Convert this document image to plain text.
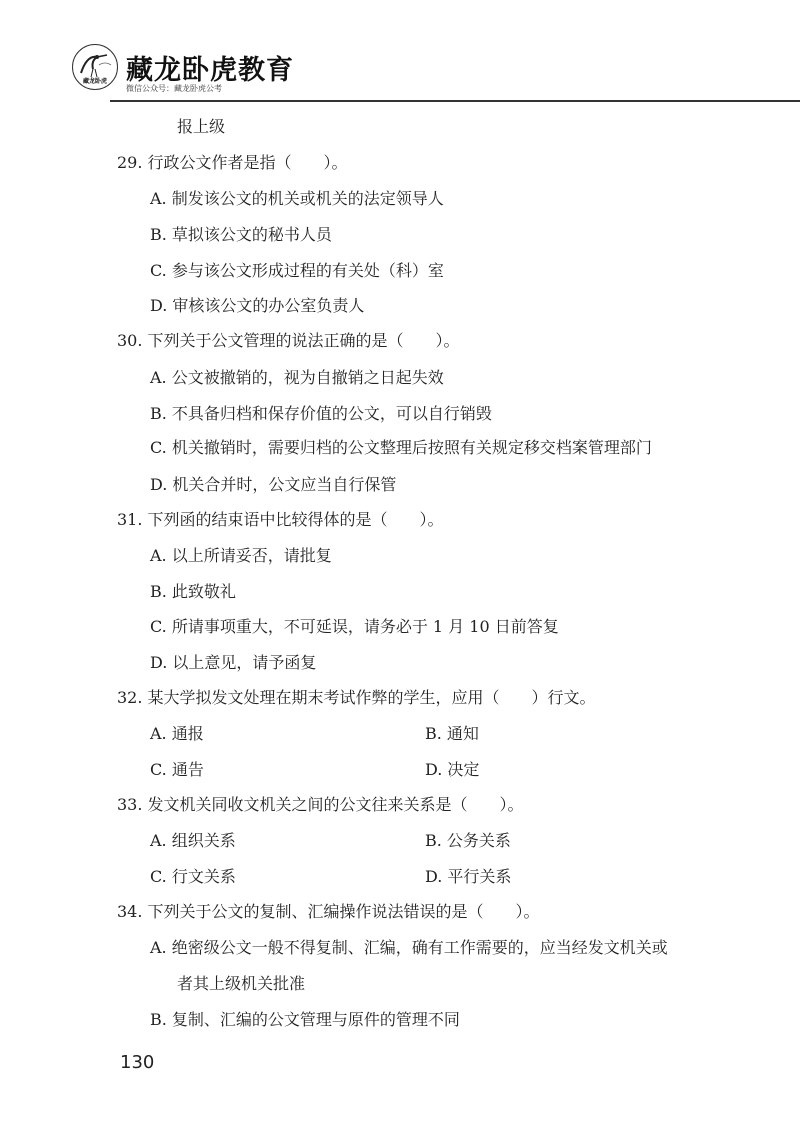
藏龙卧虎 藏龙卧虎教育
微信公众号：藏龙卧虎公考
报上级
29. 行政公文作者是指（　　）。
A. 制发该公文的机关或机关的法定领导人
B. 草拟该公文的秘书人员
C. 参与该公文形成过程的有关处（科）室
D. 审核该公文的办公室负责人
30. 下列关于公文管理的说法正确的是（　　）。
A. 公文被撤销的，视为自撤销之日起失效
B. 不具备归档和保存价值的公文，可以自行销毁
C. 机关撤销时，需要归档的公文整理后按照有关规定移交档案管理部门
D. 机关合并时，公文应当自行保管
31. 下列函的结束语中比较得体的是（　　）。
A. 以上所请妥否，请批复
B. 此致敬礼
C. 所请事项重大，不可延误，请务必于 1 月 10 日前答复
D. 以上意见，请予函复
32. 某大学拟发文处理在期末考试作弊的学生，应用（　　）行文。
A. 通报	B. 通知
C. 通告	D. 决定
33. 发文机关同收文机关之间的公文往来关系是（　　）。
A. 组织关系	B. 公务关系
C. 行文关系	D. 平行关系
34. 下列关于公文的复制、汇编操作说法错误的是（　　）。
A. 绝密级公文一般不得复制、汇编，确有工作需要的，应当经发文机关或
者其上级机关批准
B. 复制、汇编的公文管理与原件的管理不同
130
